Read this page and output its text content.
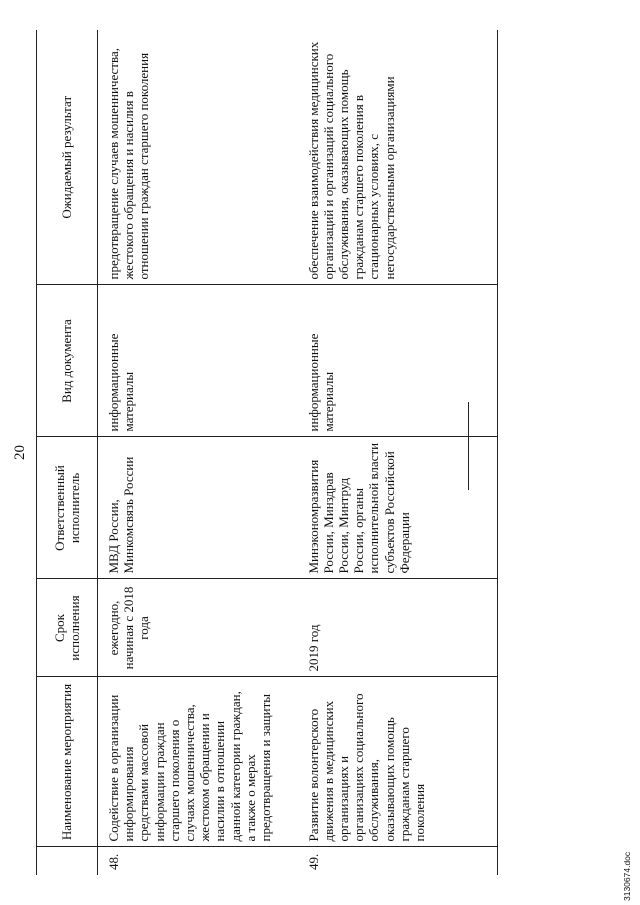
20
	Наименование мероприятия	Срок исполнения	Ответственный исполнитель	Вид документа	Ожидаемый результат
48.	Содействие в организации информирования средствами массовой информации граждан старшего поколения о случаях мошенничества, жестоком обращении и насилии в отношении данной категории граждан, а также о мерах предотвращения и защиты	ежегодно, начиная с 2018 года	МВД России, Минкомсвязь России	информационные материалы	предотвращение случаев мошенничества, жестокого обращения и насилия в отношении граждан старшего поколения
49.	Развитие волонтерского движения в медицинских организациях и организациях социального обслуживания, оказывающих помощь гражданам старшего поколения	2019 год	Минэкономразвития России, Минздрав России, Минтруд России, органы исполнительной власти субъектов Российской Федерации	информационные материалы	обеспечение взаимодействия медицинских организаций и организаций социального обслуживания, оказывающих помощь гражданам старшего поколения в стационарных условиях, с негосударственными организациями
3130674.doc
